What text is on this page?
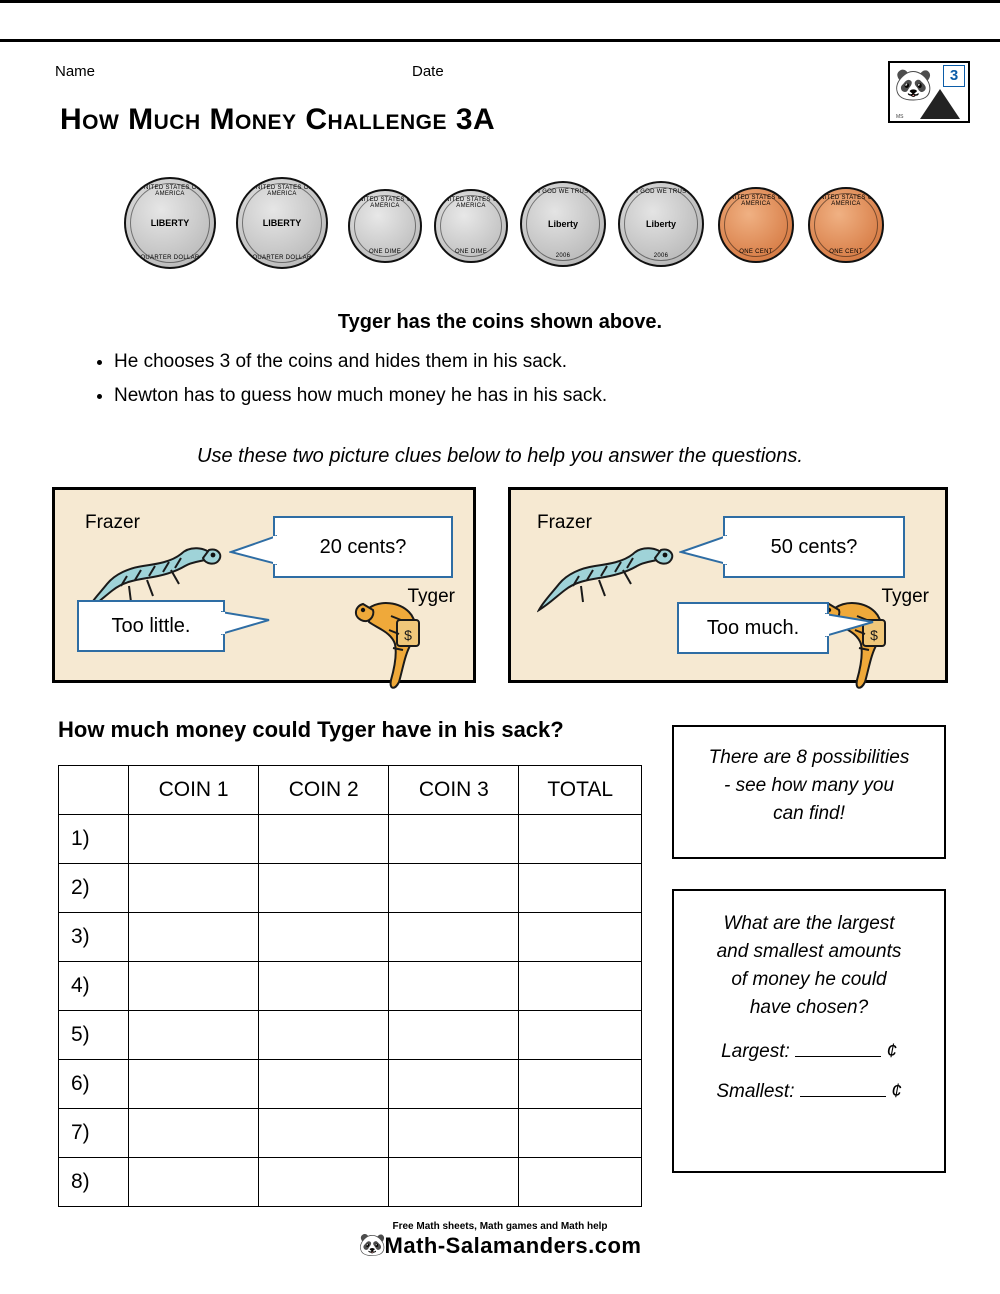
Name	Date
How Much Money Challenge 3A
3
🐼
MS
UNITED STATES OF AMERICA
LIBERTY
QUARTER DOLLAR
UNITED STATES OF AMERICA
LIBERTY
QUARTER DOLLAR
UNITED STATES OF AMERICA
ONE DIME
UNITED STATES OF AMERICA
ONE DIME
IN GOD WE TRUST
Liberty
2006
IN GOD WE TRUST
Liberty
2006
UNITED STATES OF AMERICA
ONE CENT
UNITED STATES OF AMERICA
ONE CENT
Tyger has the coins shown above.
• He chooses 3 of the coins and hides them in his sack.
• Newton has to guess how much money he has in his sack.
Use these two picture clues below to help you answer the questions.
Frazer
20 cents?
Tyger
$
Too little.
Frazer
50 cents?
Tyger
$
Too much.
How much money could Tyger have in his sack?
	COIN 1	COIN 2	COIN 3	TOTAL
1)				
2)				
3)				
4)				
5)				
6)				
7)				
8)				
There are 8 possibilities
- see how many you
can find!
What are the largest
and smallest amounts
of money he could
have chosen?
Largest:	¢
Smallest:	¢
Free Math sheets, Math games and Math help
🐼Math-Salamanders.com
